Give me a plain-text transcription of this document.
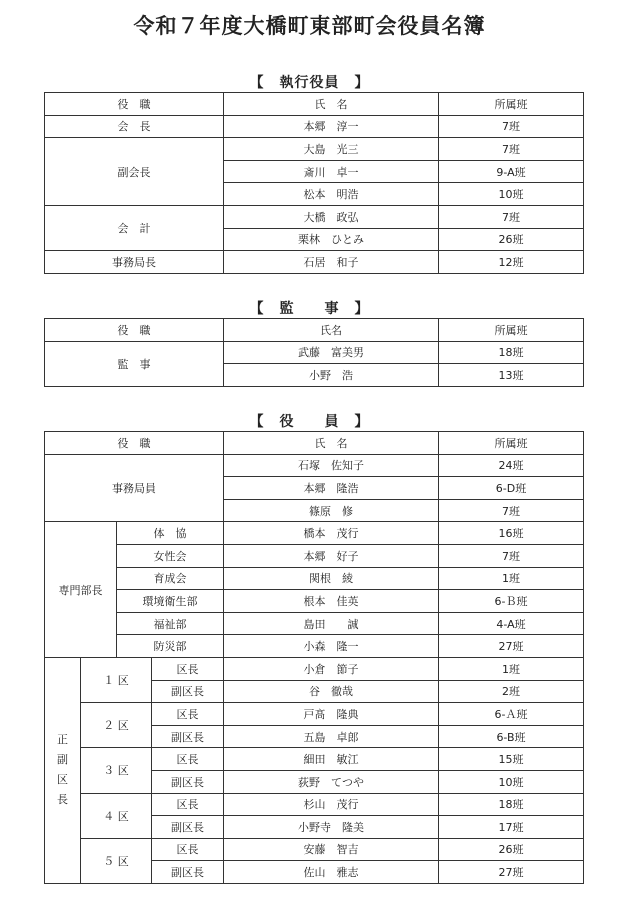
令和７年度大橋町東部町会役員名簿
【　執行役員　】
役　職	氏　名	所属班
会　長	本郷　淳一	7班
副会長	大島　光三	7班
	斎川　卓一	9-A班
	松本　明浩	10班
会　計	大橋　政弘	7班
	栗林　ひとみ	26班
事務局長	石居　和子	12班
【　監　　事　】
役　職	氏名	所属班
監　事	武藤　富美男	18班
	小野　浩	13班
【　役　　員　】
役　職				氏　名	所属班
事務局員				石塚　佐知子	24班
				本郷　隆浩	6-D班
				篠原　修	7班
専門部長		体　協		橋本　茂行	16班
		女性会		本郷　好子	7班
		育成会		関根　綾	1班
		環境衛生部		根本　佳英	6-Ｂ班
		福祉部		島田　　誠	4-A班
		防災部		小森　隆一	27班

正
副
区
長	１ 区		区長	小倉　節子	1班
			副区長	谷　徹哉	2班
	２ 区		区長	戸髙　隆典	6-Ａ班
			副区長	五島　卓郎	6-B班
	３ 区		区長	細田　敏江	15班
			副区長	荻野　てつや	10班
	４ 区		区長	杉山　茂行	18班
			副区長	小野寺　隆美	17班
	５ 区		区長	安藤　智吉	26班
			副区長	佐山　雅志	27班
